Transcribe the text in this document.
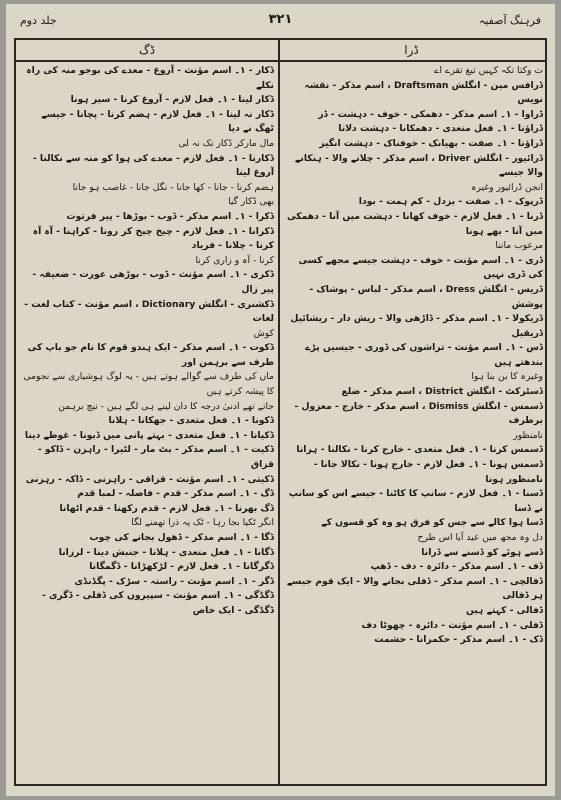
جلد دوم	۳۲۱	فرہنگ آصفیہ
ڈگ	ڈرا

ڈکار - ۱۔ اسم مؤنث - آروغ - معدے کی بوجو منہ کی راہ نکلے

ڈکار لینا - ۱۔ فعل لازم - آروغ کرنا - سیر ہونا

ڈکار نہ لینا - ۱۔ فعل لازم - ہضم کرنا - پچانا - جیسے ٹھگ نے دیا

مال مارکر ڈکار تک نہ لی

ڈکارنا - ۱۔ فعل لازم - معدے کی ہوا کو منہ سے نکالنا - آروغ لینا

ہضم کرنا - جانا - کھا جانا - نگل جانا - غاصب ہو جانا

بھی ڈکار گیا

ڈکرا - ۱۔ اسم مذکر - ڈوب - بوڑھا - پیر فرتوت

ڈکرانا - ۱۔ فعل لازم - چیخ چیخ کر رونا - کراہنا - آہ آہ کرنا - چلانا - فریاد

کرنا - آہ و زاری کرنا

ڈکری - ۱۔ اسم مؤنث - ڈوب - بوڑھی عورت - ضعیفہ - پیر زال

ڈکشنری - انگلش Dictionary ، اسم مؤنث - کتاب لغت - لغات

کوش

ڈکوت - ۱۔ اسم مذکر - ایک ہندو قوم کا نام جو باپ کی طرف سے برہمن اور

ماں کی طرف سے گوالے ہوتے ہیں - یہ لوگ ہوشیاری سے نجومی کا پیشہ کرتے ہیں

جاتے تھے ادنیٰ درجہ کا دان لینے ہی لگے ہیں - نیچ برہمن

ڈکونا - ۱۔ فعل متعدی - جھکانا - ہلانا

ڈکیانا - ۱۔ فعل متعدی - بہتے پانی میں ڈبونا - غوطے دینا

ڈکیت - ۱۔ اسم مذکر - بٹ مار - لٹیرا - راہزن - ڈاکو - قزاق

ڈکیتی - ۱۔ اسم مؤنث - قزاقی - راہزنی - ڈاکہ - رہزنی

ڈگ - ۱۔ اسم مذکر - قدم - فاصلہ - لمبا قدم

ڈگ بھرنا - ۱۔ فعل لازم - قدم رکھنا - قدم اٹھانا

انگر ٹکیا بجا رہا - ٹک پہ ذرا تھمنے لگا

ڈگا - ۱۔ اسم مذکر - ڈھول بجانے کی چوب

ڈگانا - ۱۔ فعل متعدی - ہلانا - جنبش دینا - لرزانا

ڈگرگانا - ۱۔ فعل لازم - لڑکھڑانا - ڈگمگانا

ڈگر - ۱۔ اسم مؤنث - راستہ - سڑک - پگڈنڈی

ڈگڈگی - ۱۔ اسم مؤنث - سپیروں کی ڈفلی - ڈگری - ڈگڈگی - ایک خاص

ت وکتا تکہ کہیں تیغ تقرے اے

ڈرافس مین - انگلش Draftsman ، اسم مذکر - نقشہ نویس

ڈراوا - ۱۔ اسم مذکر - دھمکی - خوف - دہشت - ڈر

ڈراؤنا - ۱۔ فعل متعدی - دھمکانا - دہشت دلانا

ڈراؤنا - ۱۔ صفت - بھیانک - خوفناک - دہشت انگیز

ڈرائیور - انگلش Driver ، اسم مذکر - چلانے والا - ہنکانے والا جیسے

انجن ڈرائیور وغیرہ

ڈرپوک - ۱۔ صفت - بزدل - کم ہمت - بودا

ڈرنا - ۱۔ فعل لازم - خوف کھانا - دہشت میں آنا - دھمکی میں آنا - بھے ہونا

مرعوب ماننا

ڈری - ۱۔ اسم مؤنث - خوف - دہشت جیسے مجھے کسی کی ڈری نہیں

ڈریس - انگلش Dress ، اسم مذکر - لباس - پوشاک - پوشش

ڈریکولا - ۱۔ اسم مذکر - ڈاڑھی والا - ریش دار - ریشائیل

ڈریقیل

ڈس - ۱۔ اسم مؤنث - تراشوں کی ڈوری - جیسیں پڑے بندھتے ہیں

وغیرہ کا بن بنا ہوا

ڈسٹرکٹ - انگلش District ، اسم مذکر - ضلع

ڈسمس - انگلش Dismiss ، اسم مذکر - خارج - معزول - برطرف

نامنظور

ڈسمس کرنا - ۱۔ فعل متعدی - خارج کرنا - نکالنا - ہرانا

ڈسمس ہونا - ۱۔ فعل لازم - خارج ہونا - نکالا جانا - نامنظور ہونا

ڈسنا - ۱۔ فعل لازم - سانپ کا کاٹنا - جیسے اس کو سانپ نے ڈسا

ڈسا ہوا کالے سے جس کو فرق ہو وہ کو قسوں کے

دل وہ مجھ میں عید آیا اس طرح

ڈسے ہوئے کو ڈسنے سے ڈرانا

ڈف - ۱۔ اسم مذکر - دائرہ - دف - ڈھپ

ڈفالچی - ۱۔ اسم مذکر - ڈفلی بجانے والا - ایک قوم جیسے ہر ڈفالی

ڈفالی - کہتے ہیں

ڈفلی - ۱۔ اسم مؤنث - دائرہ - چھوٹا دف

ڈک - ۱۔ اسم مذکر - حکمرانا - حشمت
